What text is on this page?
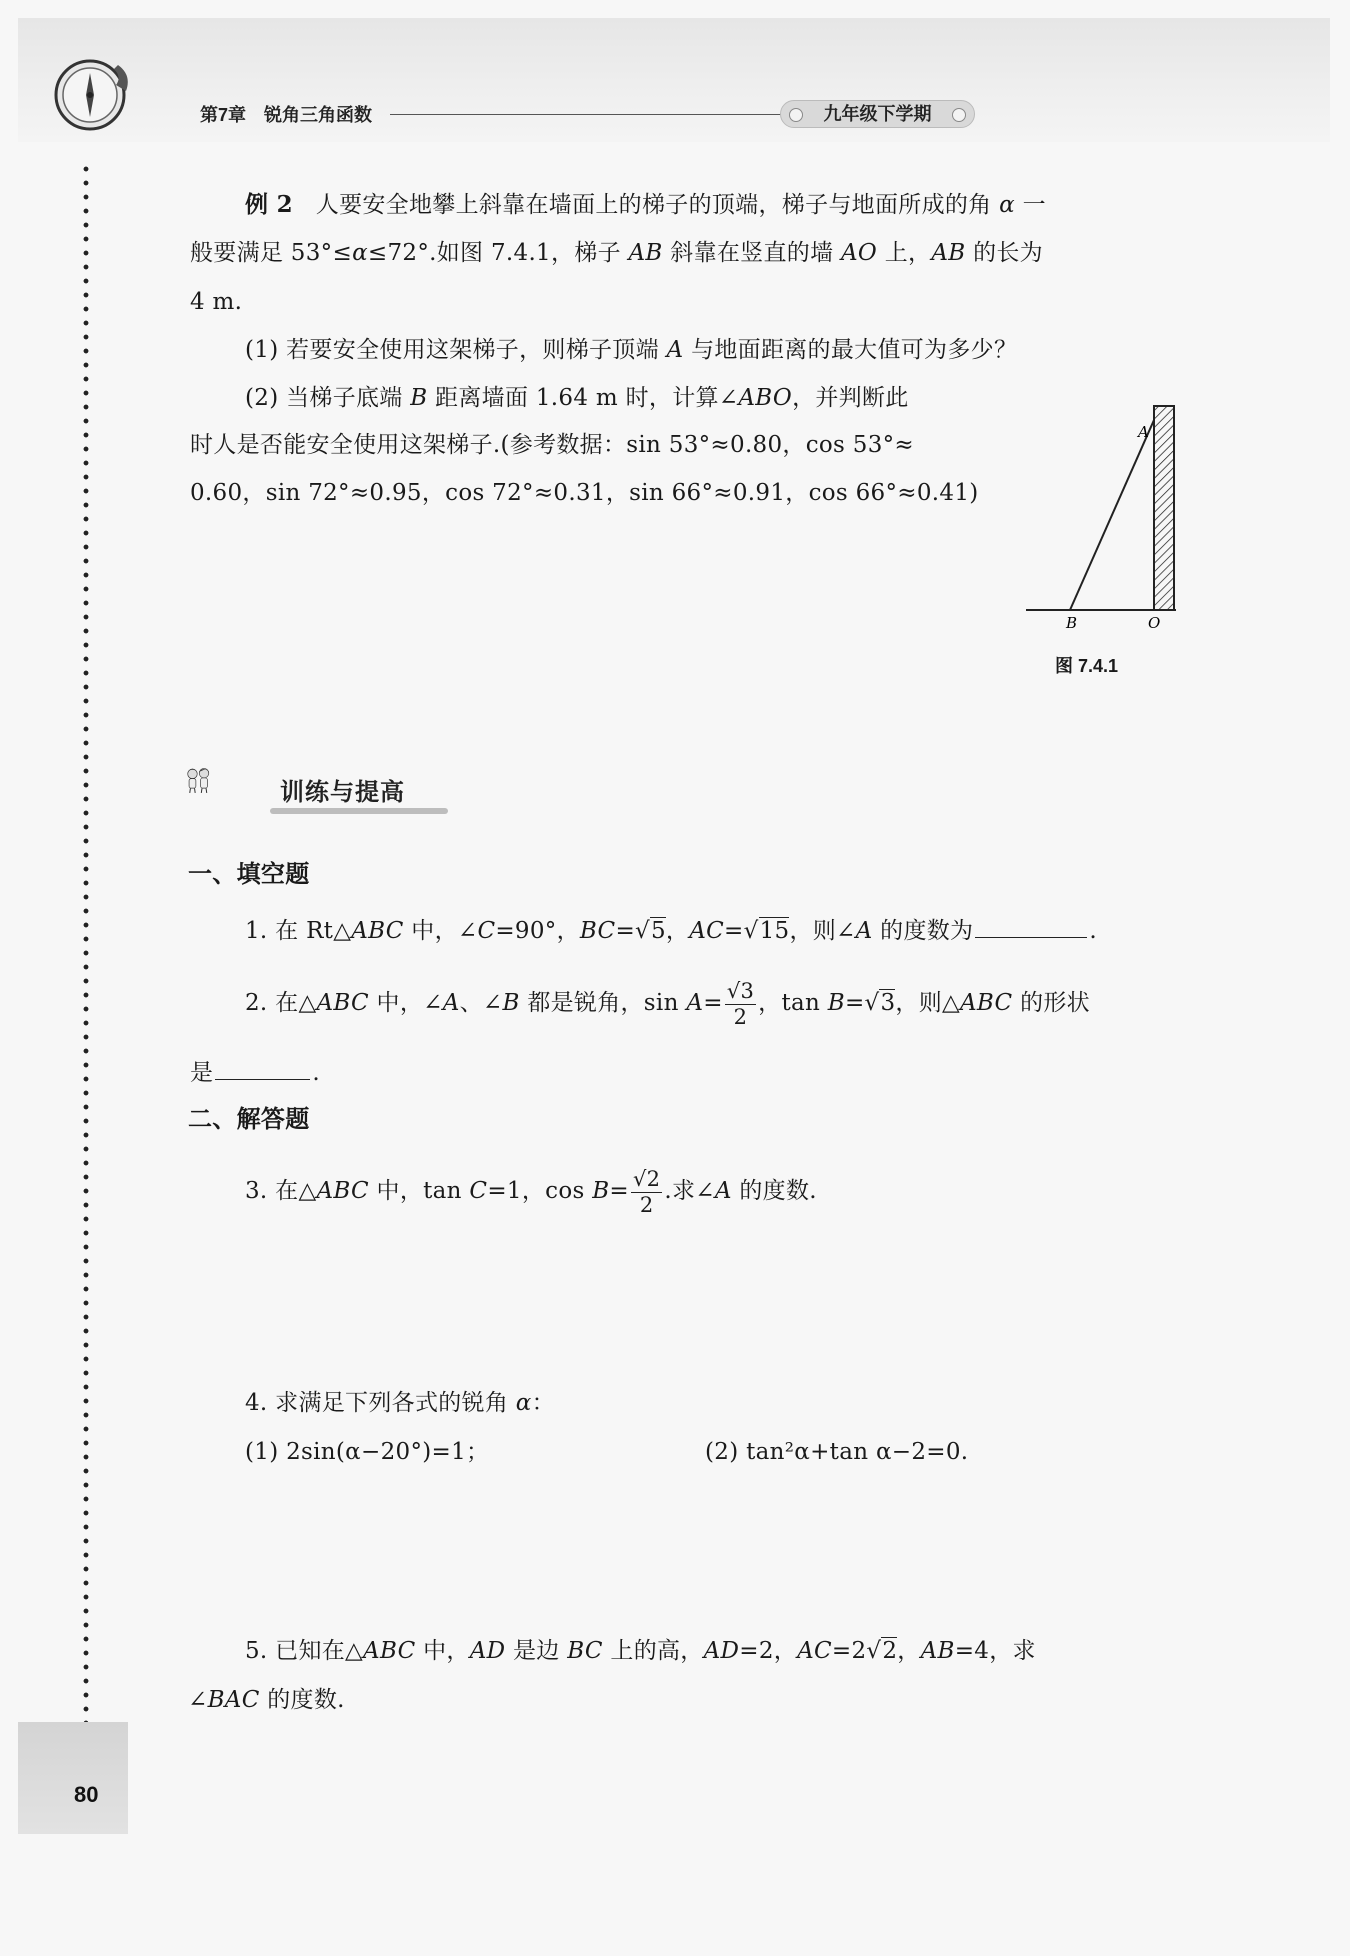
第7章 锐角三角函数	九年级下学期
例 2 人要安全地攀上斜靠在墙面上的梯子的顶端，梯子与地面所成的角 α 一
般要满足 53°≤α≤72°.如图 7.4.1，梯子 AB 斜靠在竖直的墙 AO 上，AB 的长为
4 m.
(1) 若要安全使用这架梯子，则梯子顶端 A 与地面距离的最大值可为多少？
(2) 当梯子底端 B 距离墙面 1.64 m 时，计算∠ABO，并判断此
时人是否能安全使用这架梯子.(参考数据：sin 53°≈0.80，cos 53°≈
0.60，sin 72°≈0.95，cos 72°≈0.31，sin 66°≈0.91，cos 66°≈0.41)
A
B	O
图 7.4.1
训练与提高
一、填空题
1. 在 Rt△ABC 中，∠C=90°，BC=√5，AC=√15，则∠A 的度数为	.
2. 在△ABC 中，∠A、∠B 都是锐角，$\sin A= \frac{√3}{2}$ ，tan B=√3，则△ABC 的形状
是	.
二、解答题
3. 在△ABC 中，tan C=1，$\cos B= \frac{√2}{2}$ .求∠A 的度数.
4. 求满足下列各式的锐角 α：
(1) 2sin(α−20°)=1；	(2) tan²α+tan α−2=0.
5. 已知在△ABC 中，AD 是边 BC 上的高，AD=2，AC=2√2，AB=4，求
∠BAC 的度数.
80
